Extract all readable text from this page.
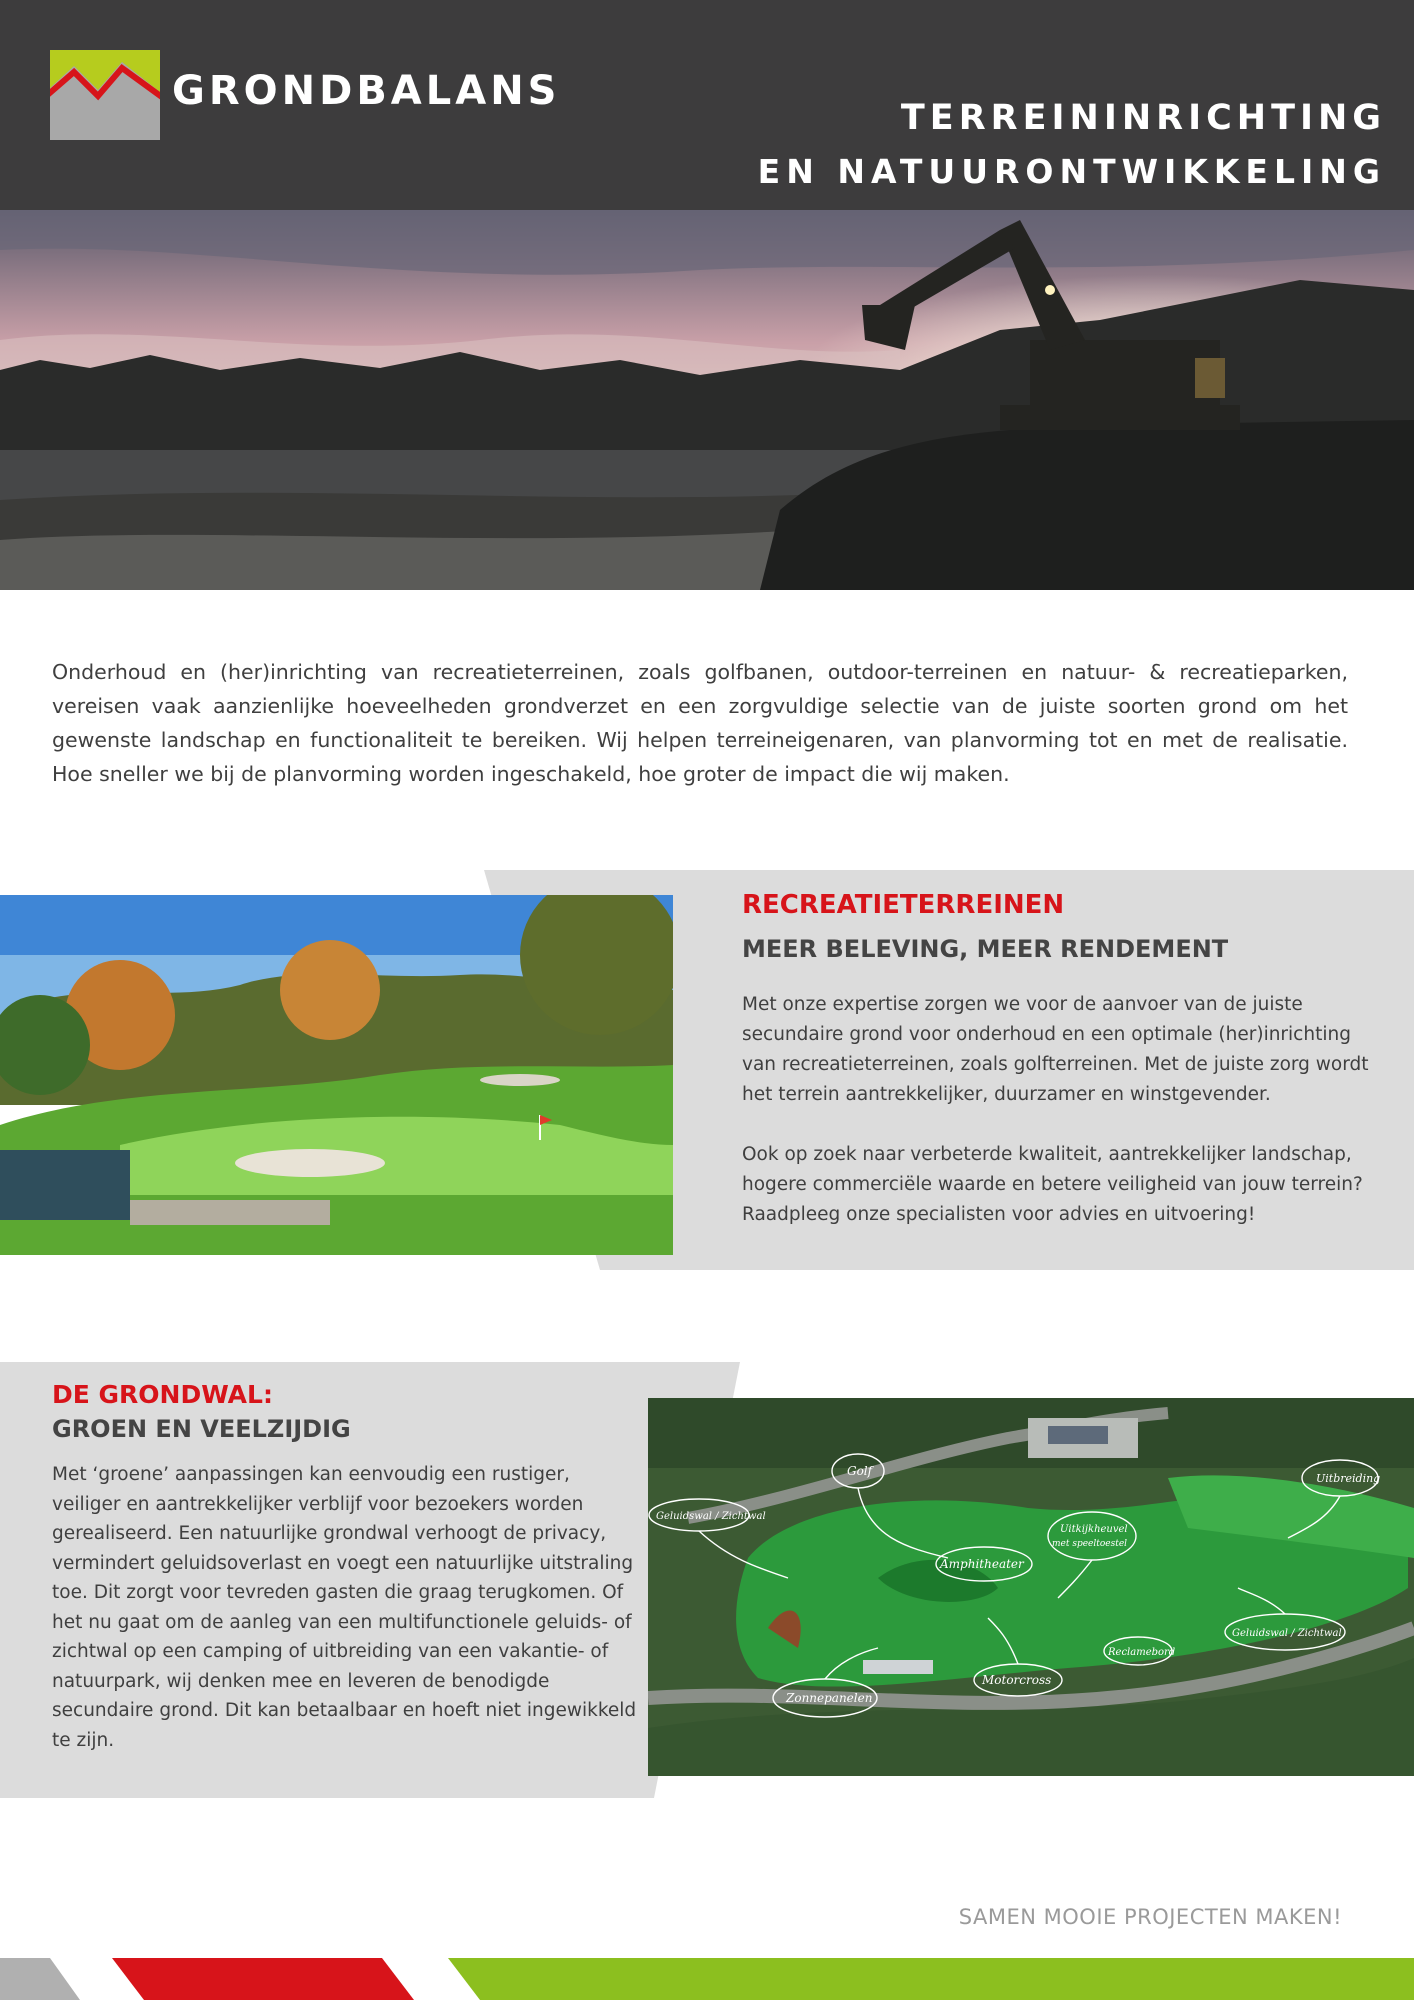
GRONDBALANS
TERREININRICHTING
EN NATUURONTWIKKELING
Onderhoud en (her)inrichting van recreatieterreinen, zoals golfbanen, outdoor-terreinen en natuur- & recreatieparken, vereisen vaak aanzienlijke hoeveelheden grondverzet en een zorgvuldige selectie van de juiste soorten grond om het gewenste landschap en functionaliteit te bereiken. Wij helpen terreineigenaren, van planvorming tot en met de realisatie. Hoe sneller we bij de planvorming worden ingeschakeld, hoe groter de impact die wij maken.
RECREATIETERREINEN
MEER BELEVING, MEER RENDEMENT

Met onze expertise zorgen we voor de aanvoer van de juiste secundaire grond voor onderhoud en een optimale (her)inrichting van recreatieterreinen, zoals golfterreinen. Met de juiste zorg wordt het terrein aantrekkelijker, duurzamer en winstgevender.

Ook op zoek naar verbeterde kwaliteit, aantrekkelijker landschap, hogere commerciële waarde en betere veiligheid van jouw terrein? Raadpleeg onze specialisten voor advies en uitvoering!

DE GRONDWAL:
GROEN EN VEELZIJDIG
Met ‘groene’ aanpassingen kan eenvoudig een rustiger, veiliger en aantrekkelijker verblijf voor bezoekers worden gerealiseerd. Een natuurlijke grondwal verhoogt de privacy, vermindert geluidsoverlast en voegt een natuurlijke uitstraling toe. Dit zorgt voor tevreden gasten die graag terugkomen. Of het nu gaat om de aanleg van een multifunctionele geluids- of zichtwal op een camping of uitbreiding van een vakantie- of natuurpark, wij denken mee en leveren de benodigde secundaire grond. Dit kan betaalbaar en hoeft niet ingewikkeld te zijn.
Golf
Geluidswal / Zichtwal
Uitkijkheuvel
met speeltoestel
Amphitheater
Uitbreiding
Geluidswal / Zichtwal
Reclamebord
Motorcross
Zonnepanelen
SAMEN MOOIE PROJECTEN MAKEN!
